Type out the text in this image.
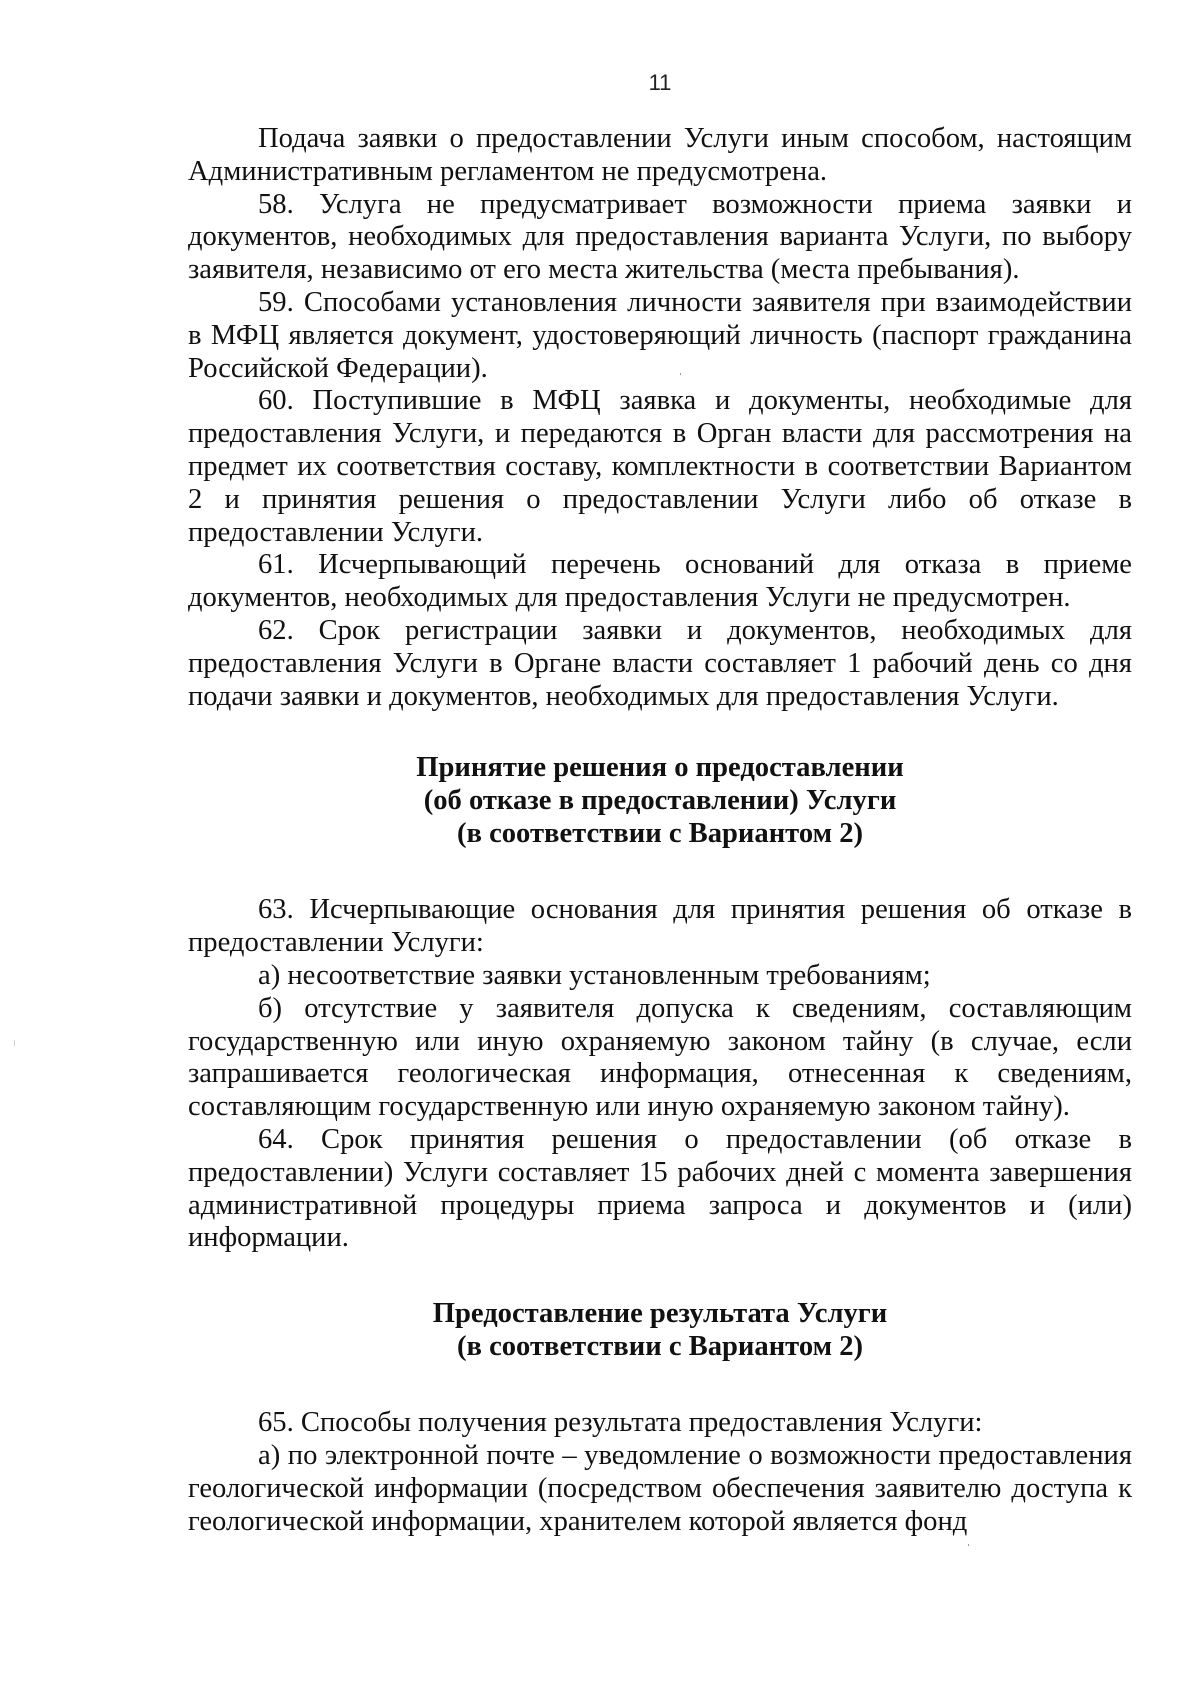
11

Подача заявки о предоставлении Услуги иным способом, настоящим Административным регламентом не предусмотрена.

58. Услуга не предусматривает возможности приема заявки и документов, необходимых для предоставления варианта Услуги, по выбору заявителя, независимо от его места жительства (места пребывания).

59. Способами установления личности заявителя при взаимодействии в МФЦ является документ, удостоверяющий личность (паспорт гражданина Российской Федерации).

60. Поступившие в МФЦ заявка и документы, необходимые для предоставления Услуги, и передаются в Орган власти для рассмотрения на предмет их соответствия составу, комплектности в соответствии Вариантом 2 и принятия решения о предоставлении Услуги либо об отказе в предоставлении Услуги.

61. Исчерпывающий перечень оснований для отказа в приеме документов, необходимых для предоставления Услуги не предусмотрен.

62. Срок регистрации заявки и документов, необходимых для предоставления Услуги в Органе власти составляет 1 рабочий день со дня подачи заявки и документов, необходимых для предоставления Услуги.

Принятие решения о предоставлении
(об отказе в предоставлении) Услуги
(в соответствии с Вариантом 2)

63. Исчерпывающие основания для принятия решения об отказе в предоставлении Услуги:

а) несоответствие заявки установленным требованиям;

б) отсутствие у заявителя допуска к сведениям, составляющим государственную или иную охраняемую законом тайну (в случае, если запрашивается геологическая информация, отнесенная к сведениям, составляющим государственную или иную охраняемую законом тайну).

64. Срок принятия решения о предоставлении (об отказе в предоставлении) Услуги составляет 15 рабочих дней с момента завершения административной процедуры приема запроса и документов и (или) информации.

Предоставление результата Услуги
(в соответствии с Вариантом 2)

65. Способы получения результата предоставления Услуги:

а) по электронной почте – уведомление о возможности предоставления геологической информации (посредством обеспечения заявителю доступа к геологической информации, хранителем которой является фонд
